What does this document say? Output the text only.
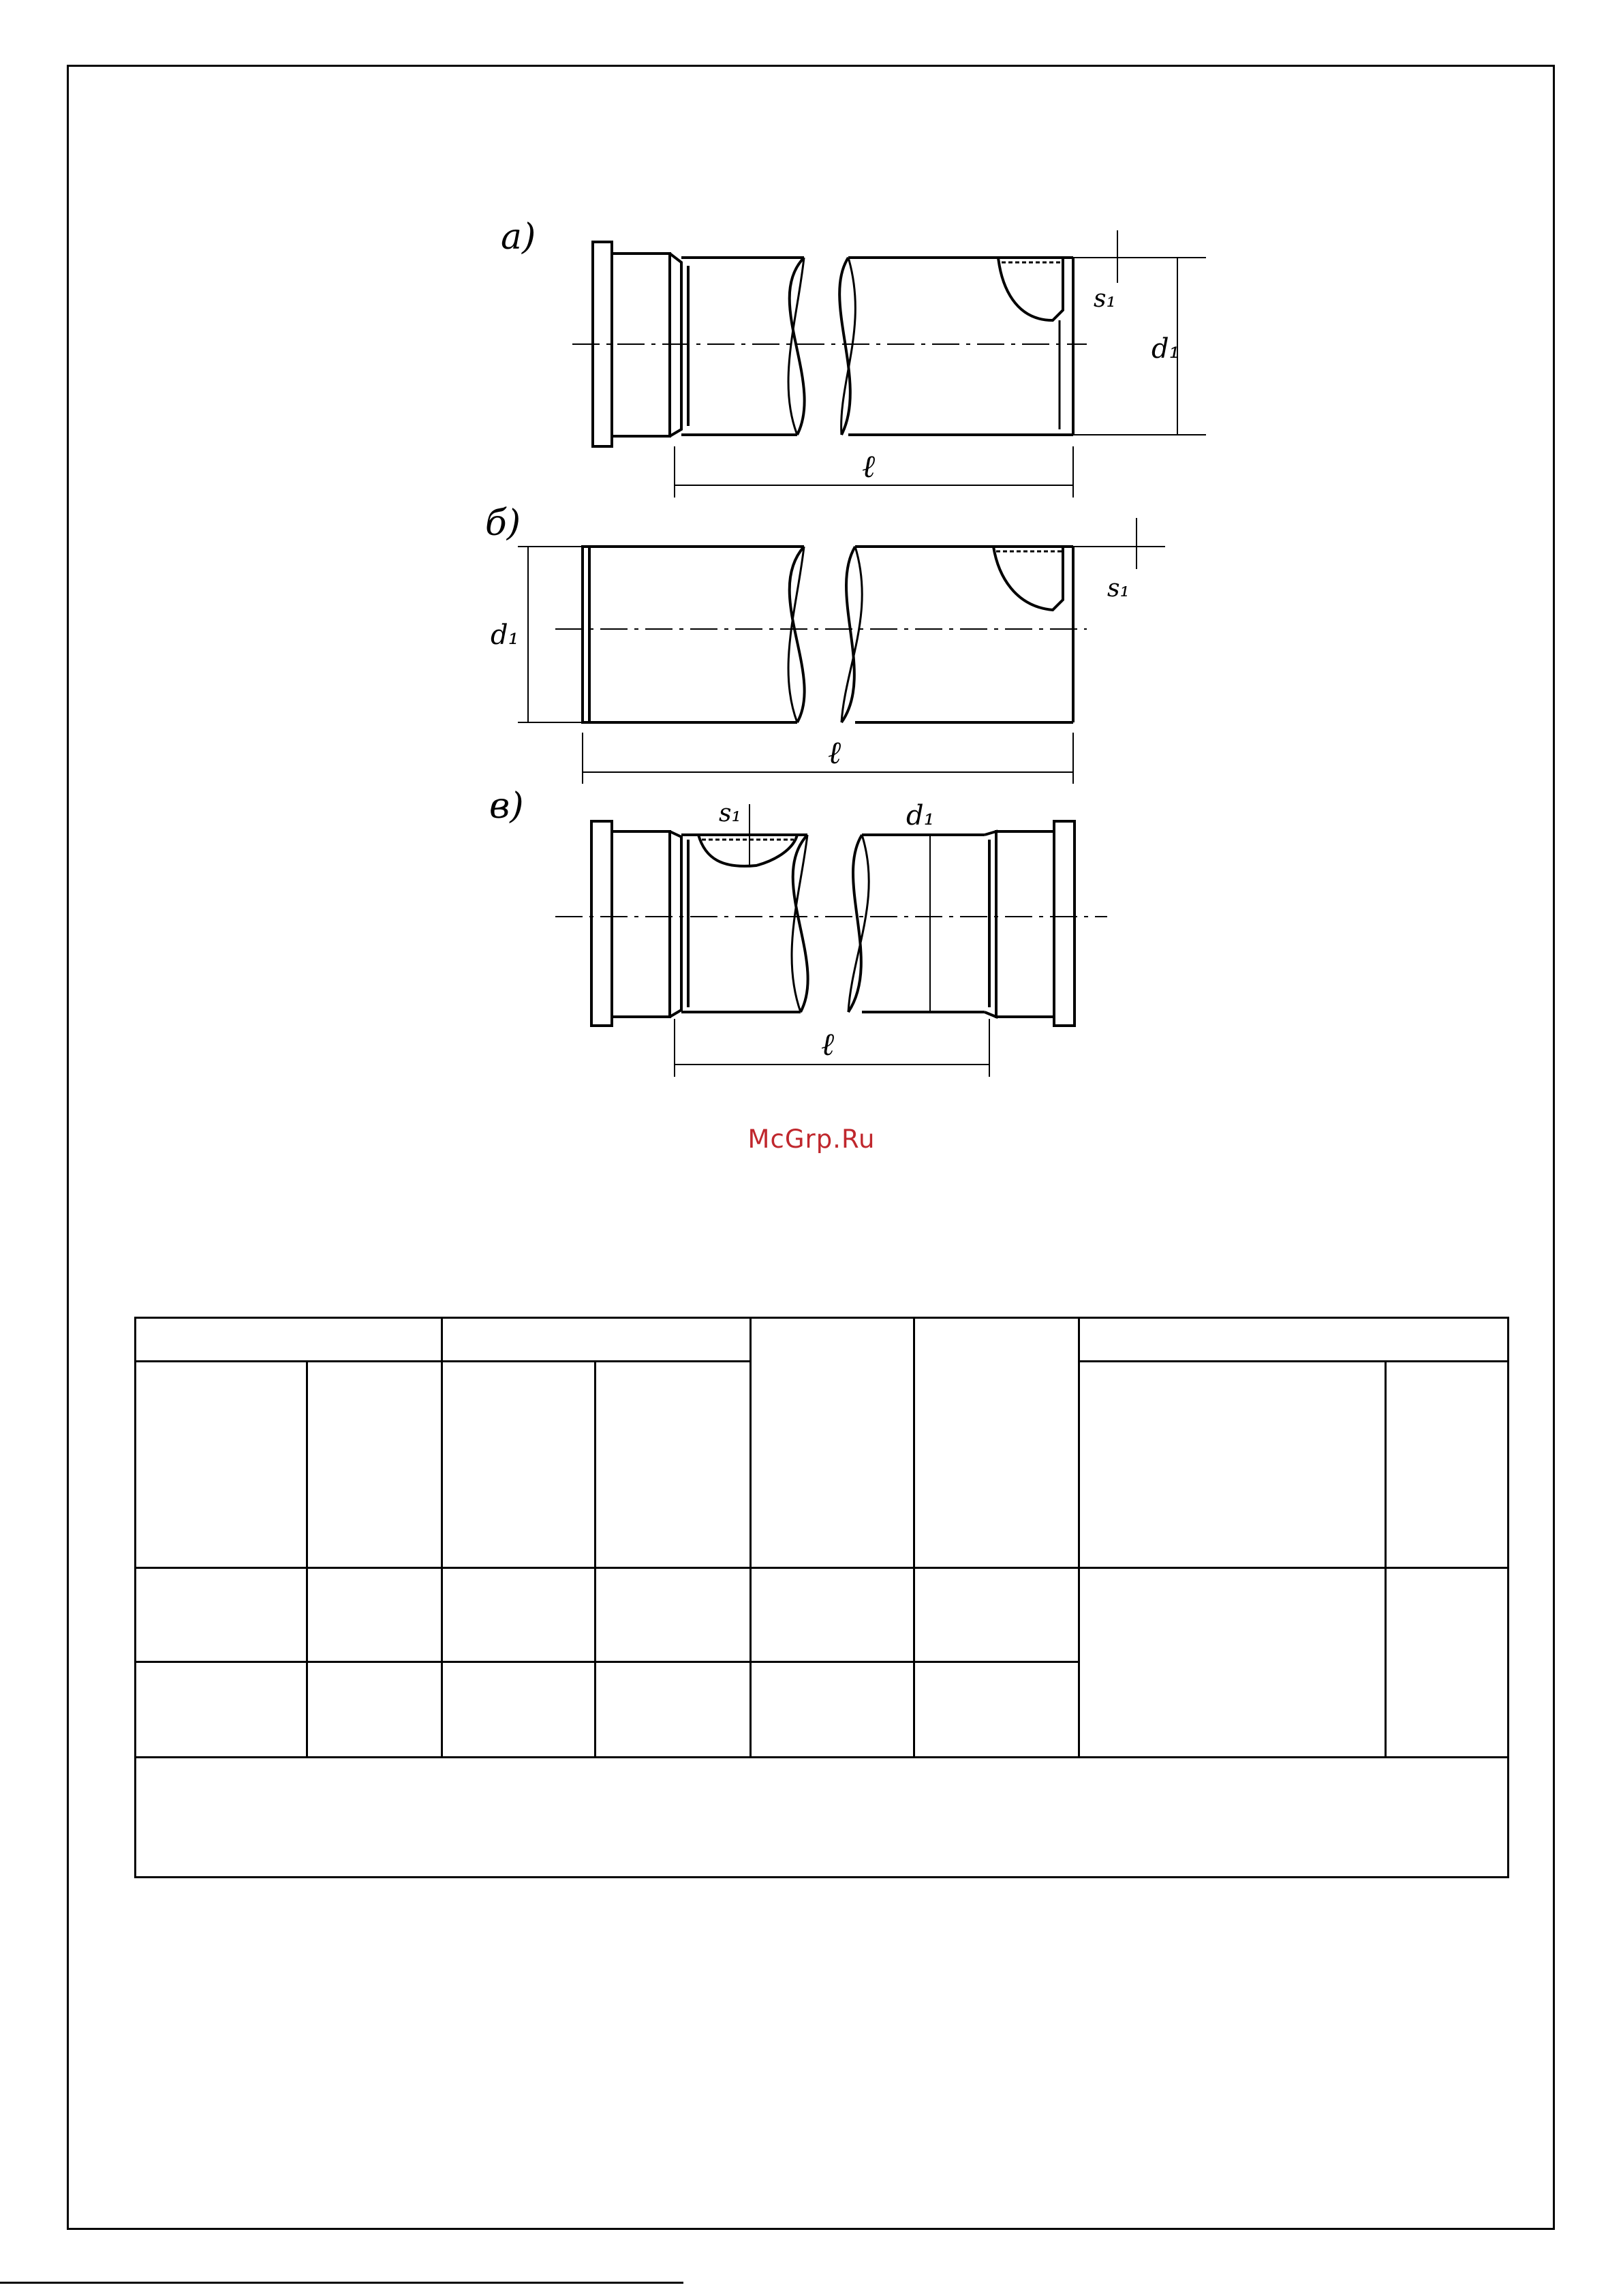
а)
d₁
s₁
ℓ
б)
d₁
s₁
ℓ
в)	s₁	d₁
ℓ
McGrp.Ru
